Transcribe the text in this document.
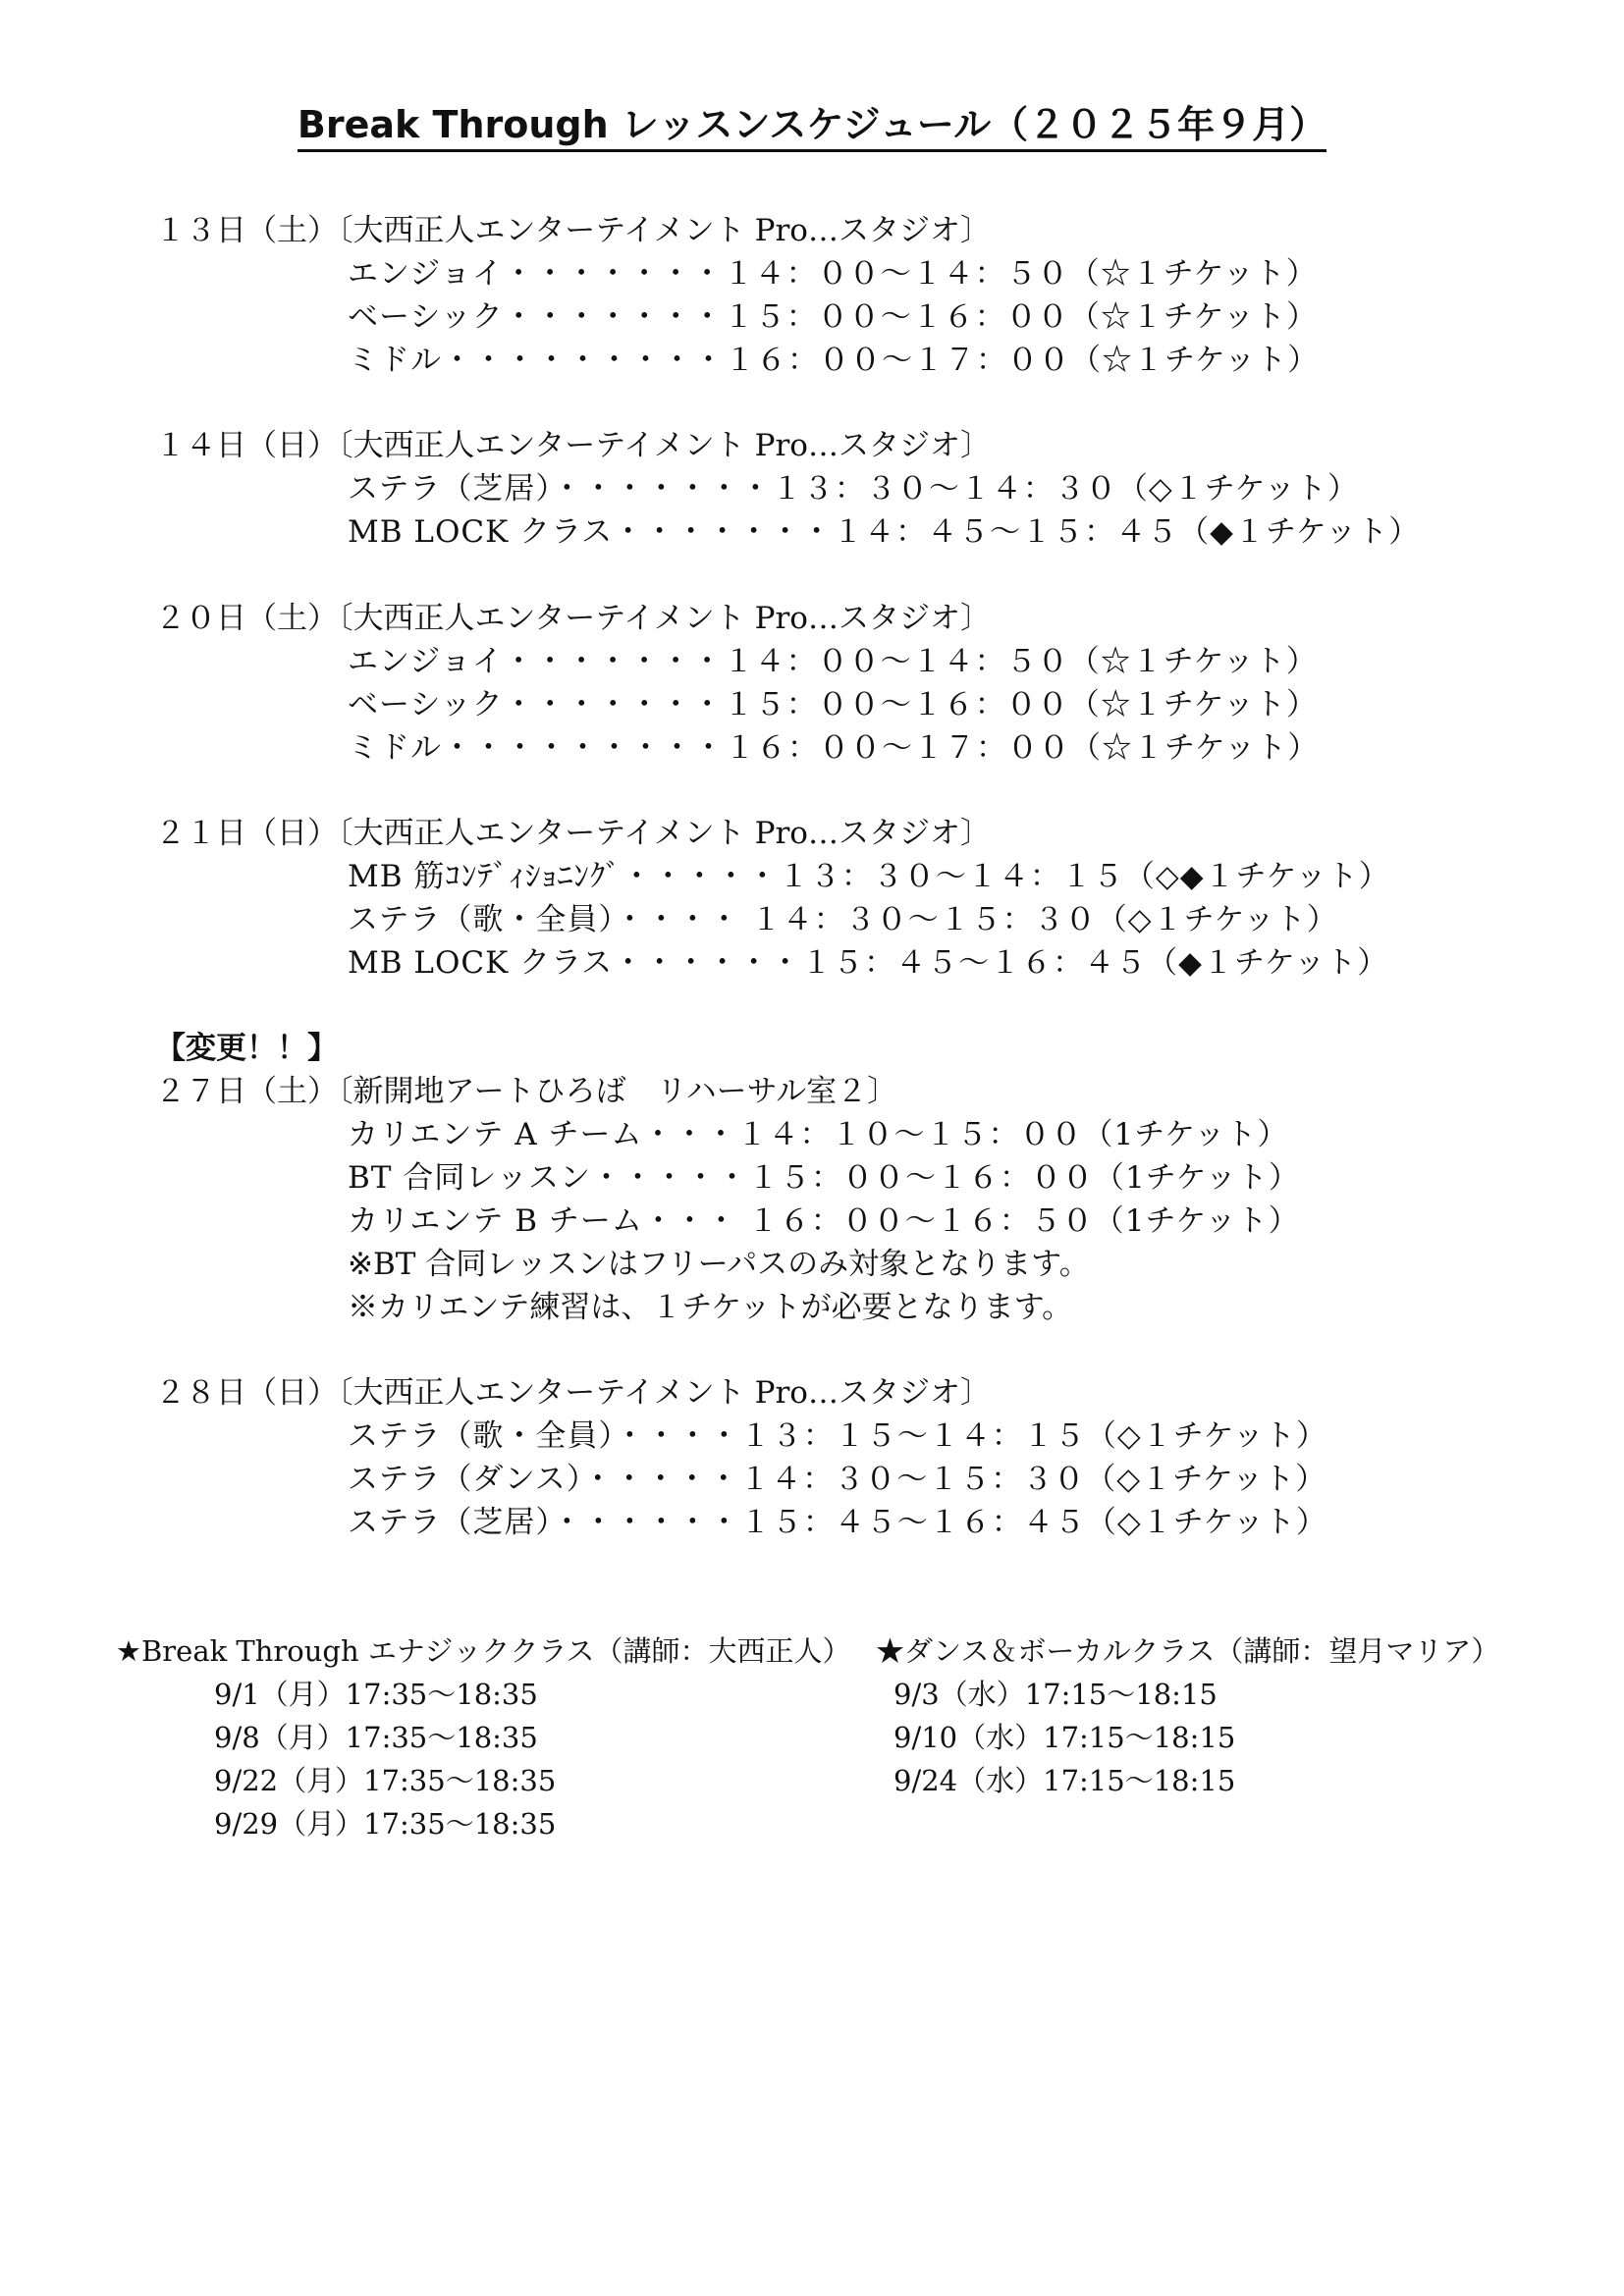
Break Through レッスンスケジュール（２０２５年９月）
１３日（土）〔大西正人エンターテイメント Pro…スタジオ〕
エンジョイ・・・・・・・１４：００～１４：５０（☆１チケット）
ベーシック・・・・・・・１５：００～１６：００（☆１チケット）
ミドル・・・・・・・・・１６：００～１７：００（☆１チケット）
１４日（日）〔大西正人エンターテイメント Pro…スタジオ〕
ステラ（芝居）・・・・・・・１３：３０～１４：３０（◇１チケット）
MB LOCK クラス・・・・・・・１４：４５～１５：４５（◆１チケット）
２０日（土）〔大西正人エンターテイメント Pro…スタジオ〕
エンジョイ・・・・・・・１４：００～１４：５０（☆１チケット）
ベーシック・・・・・・・１５：００～１６：００（☆１チケット）
ミドル・・・・・・・・・１６：００～１７：００（☆１チケット）
２１日（日）〔大西正人エンターテイメント Pro…スタジオ〕
MB 筋ｺﾝﾃﾞｨｼｮﾆﾝｸﾞ・・・・・１３：３０～１４：１５（◇◆１チケット）
ステラ（歌・全員）・・・・ １４：３０～１５：３０（◇１チケット）
MB LOCK クラス・・・・・・１５：４５～１６：４５（◆１チケット）
【変更！！】
２７日（土）〔新開地アートひろば　リハーサル室２〕
カリエンテ A チーム・・・１４：１０～１５：００（1チケット）
BT 合同レッスン・・・・・１５：００～１６：００（1チケット）
カリエンテ B チーム・・・ １６：００～１６：５０（1チケット）
※BT 合同レッスンはフリーパスのみ対象となります。
※カリエンテ練習は、１チケットが必要となります。
２８日（日）〔大西正人エンターテイメント Pro…スタジオ〕
ステラ（歌・全員）・・・・１３：１５～１４：１５（◇１チケット）
ステラ（ダンス）・・・・・１４：３０～１５：３０（◇１チケット）
ステラ（芝居）・・・・・・１５：４５～１６：４５（◇１チケット）
★Break Through エナジッククラス（講師：大西正人）
9/1（月）17:35～18:35
9/8（月）17:35～18:35
9/22（月）17:35～18:35
9/29（月）17:35～18:35
★ダンス＆ボーカルクラス（講師：望月マリア）
9/3（水）17:15～18:15
9/10（水）17:15～18:15
9/24（水）17:15～18:15
